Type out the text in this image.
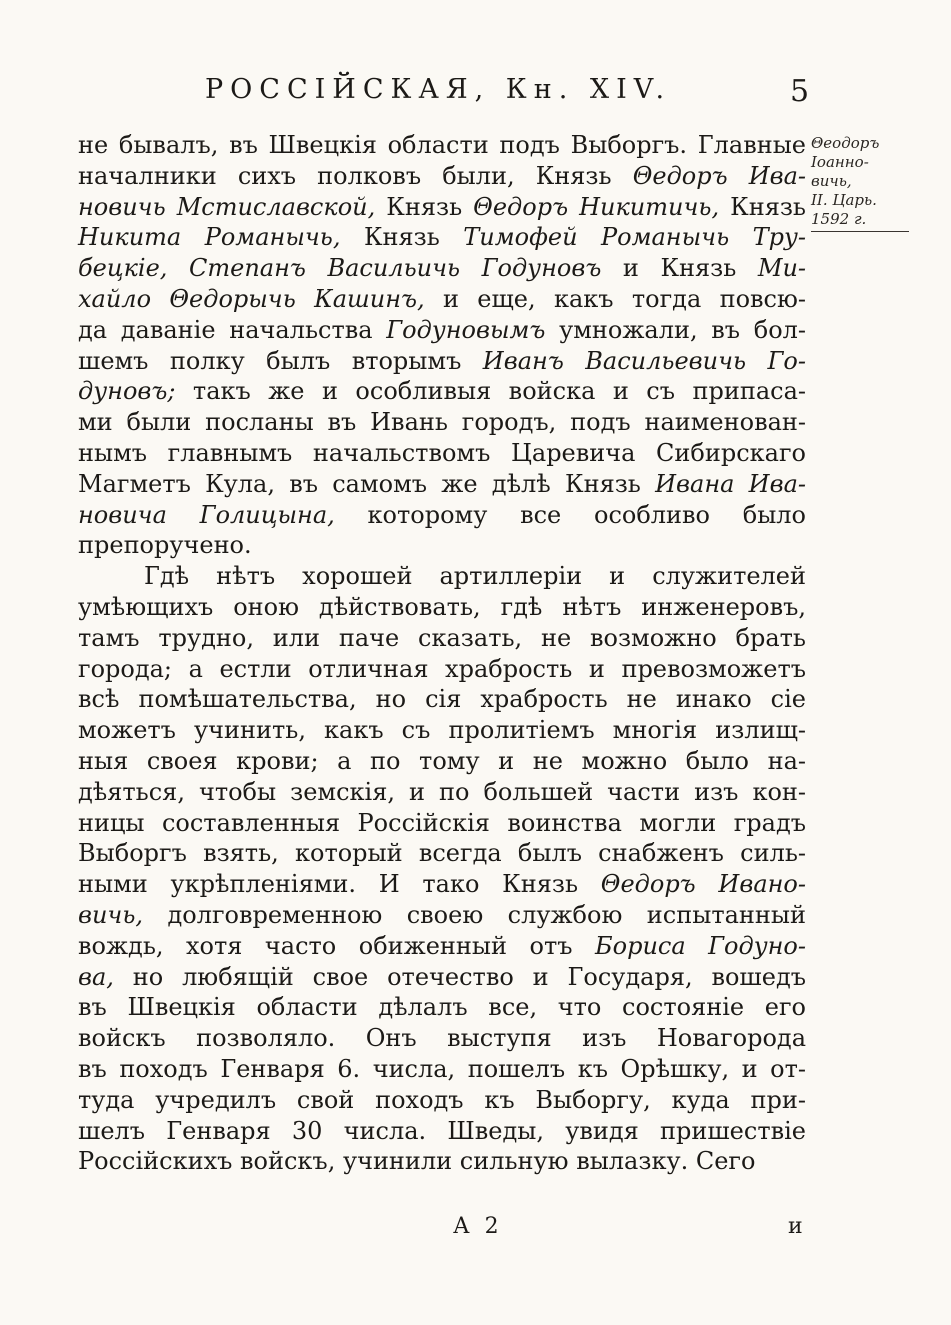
РОССІЙСКАЯ, Кн. XIV.	5
Θеодоръ
Іоанно-
вичь,
II. Царь.
1592 г.
не бывалъ, въ Швецкія области подъ Выборгъ. Главные
началники сихъ полковъ были, Князь Θедоръ Ива-
новичь Мстиславской, Князь Θедоръ Никитичь, Князь
Никита Романычь, Князь Тимофей Романычь Тру-
бецкіе, Степанъ Васильичь Годуновъ и Князь Ми-
хайло Θедорычь Кашинъ, и еще, какъ тогда повсю-
да даваніе начальства Годуновымъ умножали, въ бол-
шемъ полку былъ вторымъ Иванъ Васильевичь Го-
дуновъ; такъ же и особливыя войска и съ припаса-
ми были посланы въ Ивань городъ, подъ наименован-
нымъ главнымъ начальствомъ Царевича Сибирскаго
Магметъ Кула, въ самомъ же дѣлѣ Князь Ивана Ива-
новича Голицына, которому все особливо было
препоручено.
Гдѣ нѣтъ хорошей артиллеріи и служителей
умѣющихъ оною дѣйствовать, гдѣ нѣтъ инженеровъ,
тамъ трудно, или паче сказать, не возможно брать
города; а естли отличная храбрость и превозможетъ
всѣ помѣшательства, но сія храбрость не инако сіе
можетъ учинить, какъ съ пролитіемъ многія излищ-
ныя своея крови; а по тому и не можно было на-
дѣяться, чтобы земскія, и по большей части изъ кон-
ницы составленныя Россійскія воинства могли градъ
Выборгъ взять, который всегда былъ снабженъ силь-
ными укрѣпленіями. И тако Князь Θедоръ Ивано-
вичь, долговременною своею службою испытанный
вождь, хотя часто обиженный отъ Бориса Годуно-
ва, но любящій свое отечество и Государя, вошедъ
въ Швецкія области дѣлалъ все, что состояніе его
войскъ позволяло. Онъ выступя изъ Новагорода
въ походъ Генваря 6. числа, пошелъ къ Орѣшку, и от-
туда учредилъ свой походъ къ Выборгу, куда при-
шелъ Генваря 30 числа. Шведы, увидя пришествіе
Россійскихъ войскъ, учинили сильную вылазку. Сего
А 2	и
